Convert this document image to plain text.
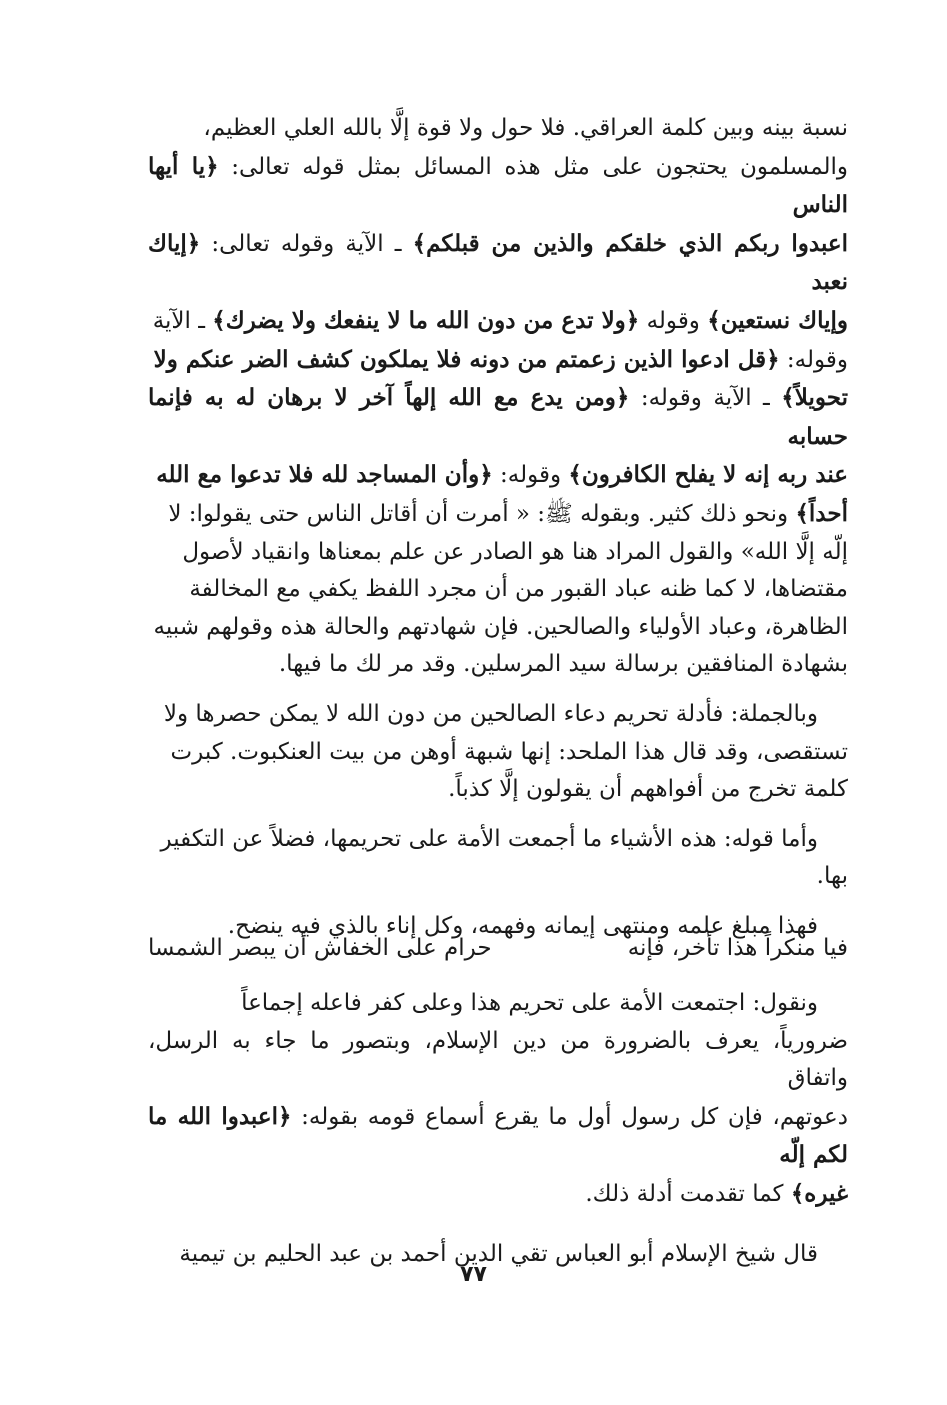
نسبة بينه وبين كلمة العراقي. فلا حول ولا قوة إلَّا بالله العلي العظيم،
والمسلمون يحتجون على مثل هذه المسائل بمثل قوله تعالى: ﴿يا أيها الناس
اعبدوا ربكم الذي خلقكم والذين من قبلكم﴾ ـ الآية وقوله تعالى: ﴿إياك نعبد
وإياك نستعين﴾ وقوله ﴿ولا تدع من دون الله ما لا ينفعك ولا يضرك﴾ ـ الآية
وقوله: ﴿قل ادعوا الذين زعمتم من دونه فلا يملكون كشف الضر عنكم ولا
تحويلاً﴾ ـ الآية وقوله: ﴿ومن يدع مع الله إلهاً آخر لا برهان له به فإنما حسابه
عند ربه إنه لا يفلح الكافرون﴾ وقوله: ﴿وأن المساجد لله فلا تدعوا مع الله
أحداً﴾ ونحو ذلك كثير. وبقوله ﷺ: « أمرت أن أقاتل الناس حتى يقولوا: لا
إلّه إلَّا الله» والقول المراد هنا هو الصادر عن علم بمعناها وانقياد لأصول
مقتضاها، لا كما ظنه عباد القبور من أن مجرد اللفظ يكفي مع المخالفة
الظاهرة، وعباد الأولياء والصالحين. فإن شهادتهم والحالة هذه وقولهم شبيه
بشهادة المنافقين برسالة سيد المرسلين. وقد مر لك ما فيها.

وبالجملة: فأدلة تحريم دعاء الصالحين من دون الله لا يمكن حصرها ولا
تستقصى، وقد قال هذا الملحد: إنها شبهة أوهن من بيت العنكبوت. كبرت
كلمة تخرج من أفواههم أن يقولون إلَّا كذباً.

وأما قوله: هذه الأشياء ما أجمعت الأمة على تحريمها، فضلاً عن التكفير
بها.

فهذا مبلغ علمه ومنتهى إيمانه وفهمه، وكل إناء بالذي فيه ينضح.

فيا منكراً هذا تأخر، فإنه
حرام على الخفاش أن يبصر الشمسا

ونقول: اجتمعت الأمة على تحريم هذا وعلى كفر فاعله إجماعاً
ضرورياً، يعرف بالضرورة من دين الإسلام، وبتصور ما جاء به الرسل، واتفاق
دعوتهم، فإن كل رسول أول ما يقرع أسماع قومه بقوله: ﴿اعبدوا الله ما لكم إلّه
غيره﴾ كما تقدمت أدلة ذلك.

قال شيخ الإسلام أبو العباس تقي الدين أحمد بن عبد الحليم بن تيمية

٧٧
